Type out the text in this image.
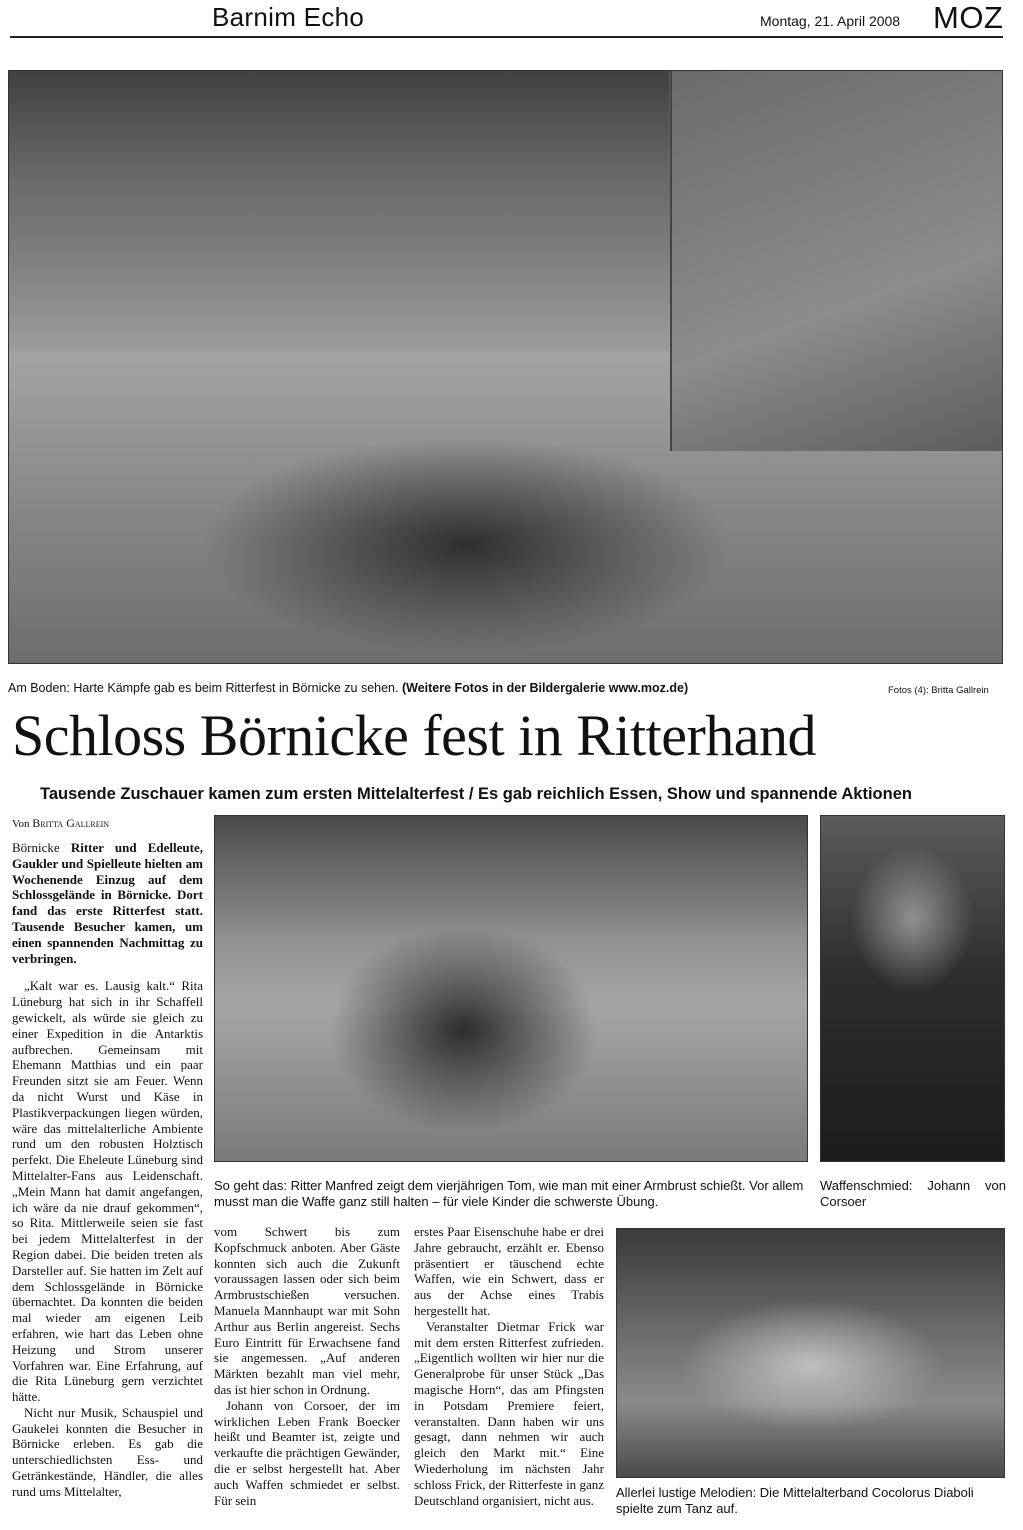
Barnim Echo	Montag, 21. April 2008 MOZ
Am Boden: Harte Kämpfe gab es beim Ritterfest in Börnicke zu sehen. (Weitere Fotos in der Bildergalerie www.moz.de)	Fotos (4): Britta Gallrein
Schloss Börnicke fest in Ritterhand
Tausende Zuschauer kamen zum ersten Mittelalterfest / Es gab reichlich Essen, Show und spannende Aktionen
Von Britta Gallrein

Börnicke Ritter und Edelleute, Gaukler und Spielleute hielten am Wochenende Einzug auf dem Schlossgelände in Börnicke. Dort fand das erste Ritterfest statt. Tausende Besucher kamen, um einen spannenden Nachmittag zu verbringen.

„Kalt war es. Lausig kalt.“ Rita Lüneburg hat sich in ihr Schaffell gewickelt, als würde sie gleich zu einer Expedition in die Antarktis aufbrechen. Gemeinsam mit Ehemann Matthias und ein paar Freunden sitzt sie am Feuer. Wenn da nicht Wurst und Käse in Plastikverpackungen liegen würden, wäre das mittelalterliche Ambiente rund um den robusten Holztisch perfekt. Die Eheleute Lüneburg sind Mittelalter-Fans aus Leidenschaft. „Mein Mann hat damit angefangen, ich wäre da nie drauf gekommen“, so Rita. Mittlerweile seien sie fast bei jedem Mittelalterfest in der Region dabei. Die beiden treten als Darsteller auf. Sie hatten im Zelt auf dem Schlossgelände in Börnicke übernachtet. Da konnten die beiden mal wieder am eigenen Leib erfahren, wie hart das Leben ohne Heizung und Strom unserer Vorfahren war. Eine Erfahrung, auf die Rita Lüneburg gern verzichtet hätte.

Nicht nur Musik, Schauspiel und Gaukelei konnten die Besucher in Börnicke erleben. Es gab die unterschiedlichsten Ess- und Getränkestände, Händler, die alles rund ums Mittelalter,

So geht das: Ritter Manfred zeigt dem vierjährigen Tom, wie man mit einer Armbrust schießt. Vor allem musst man die Waffe ganz still halten – für viele Kinder die schwerste Übung.
Waffenschmied: Johann von Corsoer

vom Schwert bis zum Kopfschmuck anboten. Aber Gäste konnten sich auch die Zukunft voraussagen lassen oder sich beim Armbrustschießen versuchen. Manuela Mannhaupt war mit Sohn Arthur aus Berlin angereist. Sechs Euro Eintritt für Erwachsene fand sie angemessen. „Auf anderen Märkten bezahlt man viel mehr, das ist hier schon in Ordnung.

Johann von Corsoer, der im wirklichen Leben Frank Boecker heißt und Beamter ist, zeigte und verkaufte die prächtigen Gewänder, die er selbst hergestellt hat. Aber auch Waffen schmiedet er selbst. Für sein

erstes Paar Eisenschuhe habe er drei Jahre gebraucht, erzählt er. Ebenso präsentiert er täuschend echte Waffen, wie ein Schwert, dass er aus der Achse eines Trabis hergestellt hat.

Veranstalter Dietmar Frick war mit dem ersten Ritterfest zufrieden. „Eigentlich wollten wir hier nur die Generalprobe für unser Stück „Das magische Horn“, das am Pfingsten in Potsdam Premiere feiert, veranstalten. Dann haben wir uns gesagt, dann nehmen wir auch gleich den Markt mit.“ Eine Wiederholung im nächsten Jahr schloss Frick, der Ritterfeste in ganz Deutschland organisiert, nicht aus.

Allerlei lustige Melodien: Die Mittelalterband Cocolorus Diaboli spielte zum Tanz auf.
